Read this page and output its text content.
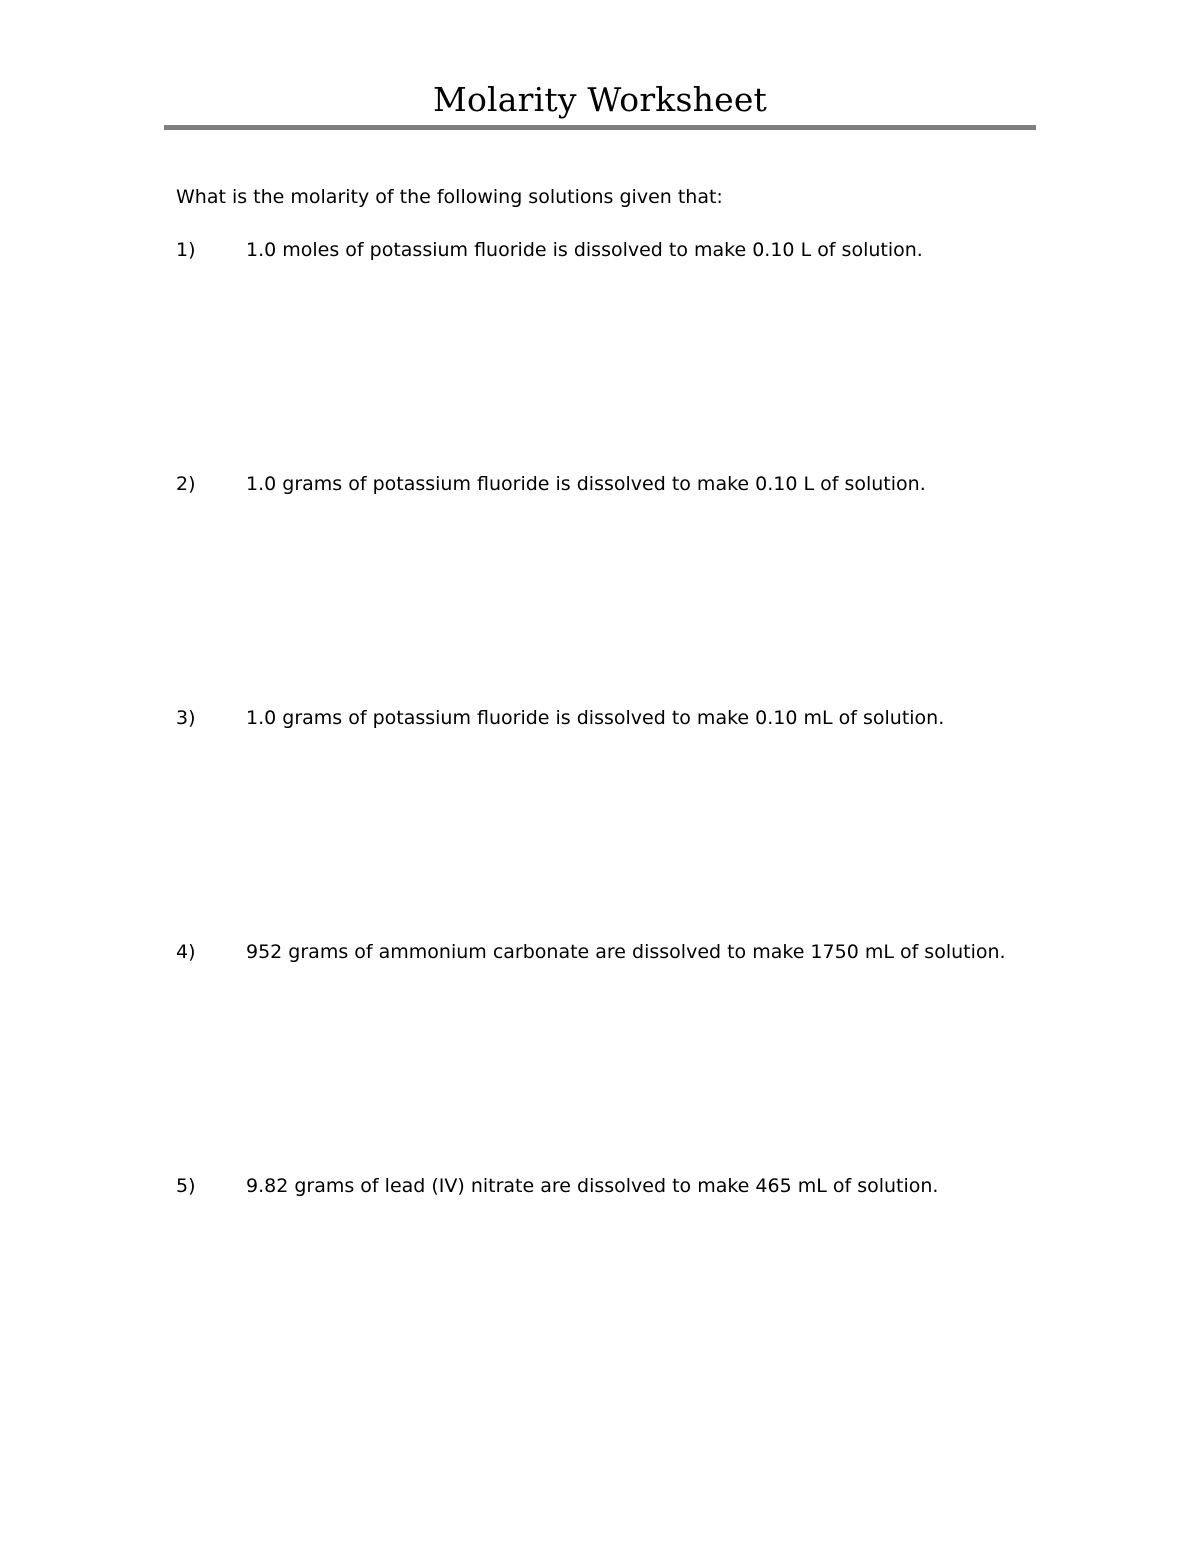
Molarity Worksheet
What is the molarity of the following solutions given that:
1)	1.0 moles of potassium fluoride is dissolved to make 0.10 L of solution.
2)	1.0 grams of potassium fluoride is dissolved to make 0.10 L of solution.
3)	1.0 grams of potassium fluoride is dissolved to make 0.10 mL of solution.
4)	952 grams of ammonium carbonate are dissolved to make 1750 mL of solution.
5)	9.82 grams of lead (IV) nitrate are dissolved to make 465 mL of solution.
